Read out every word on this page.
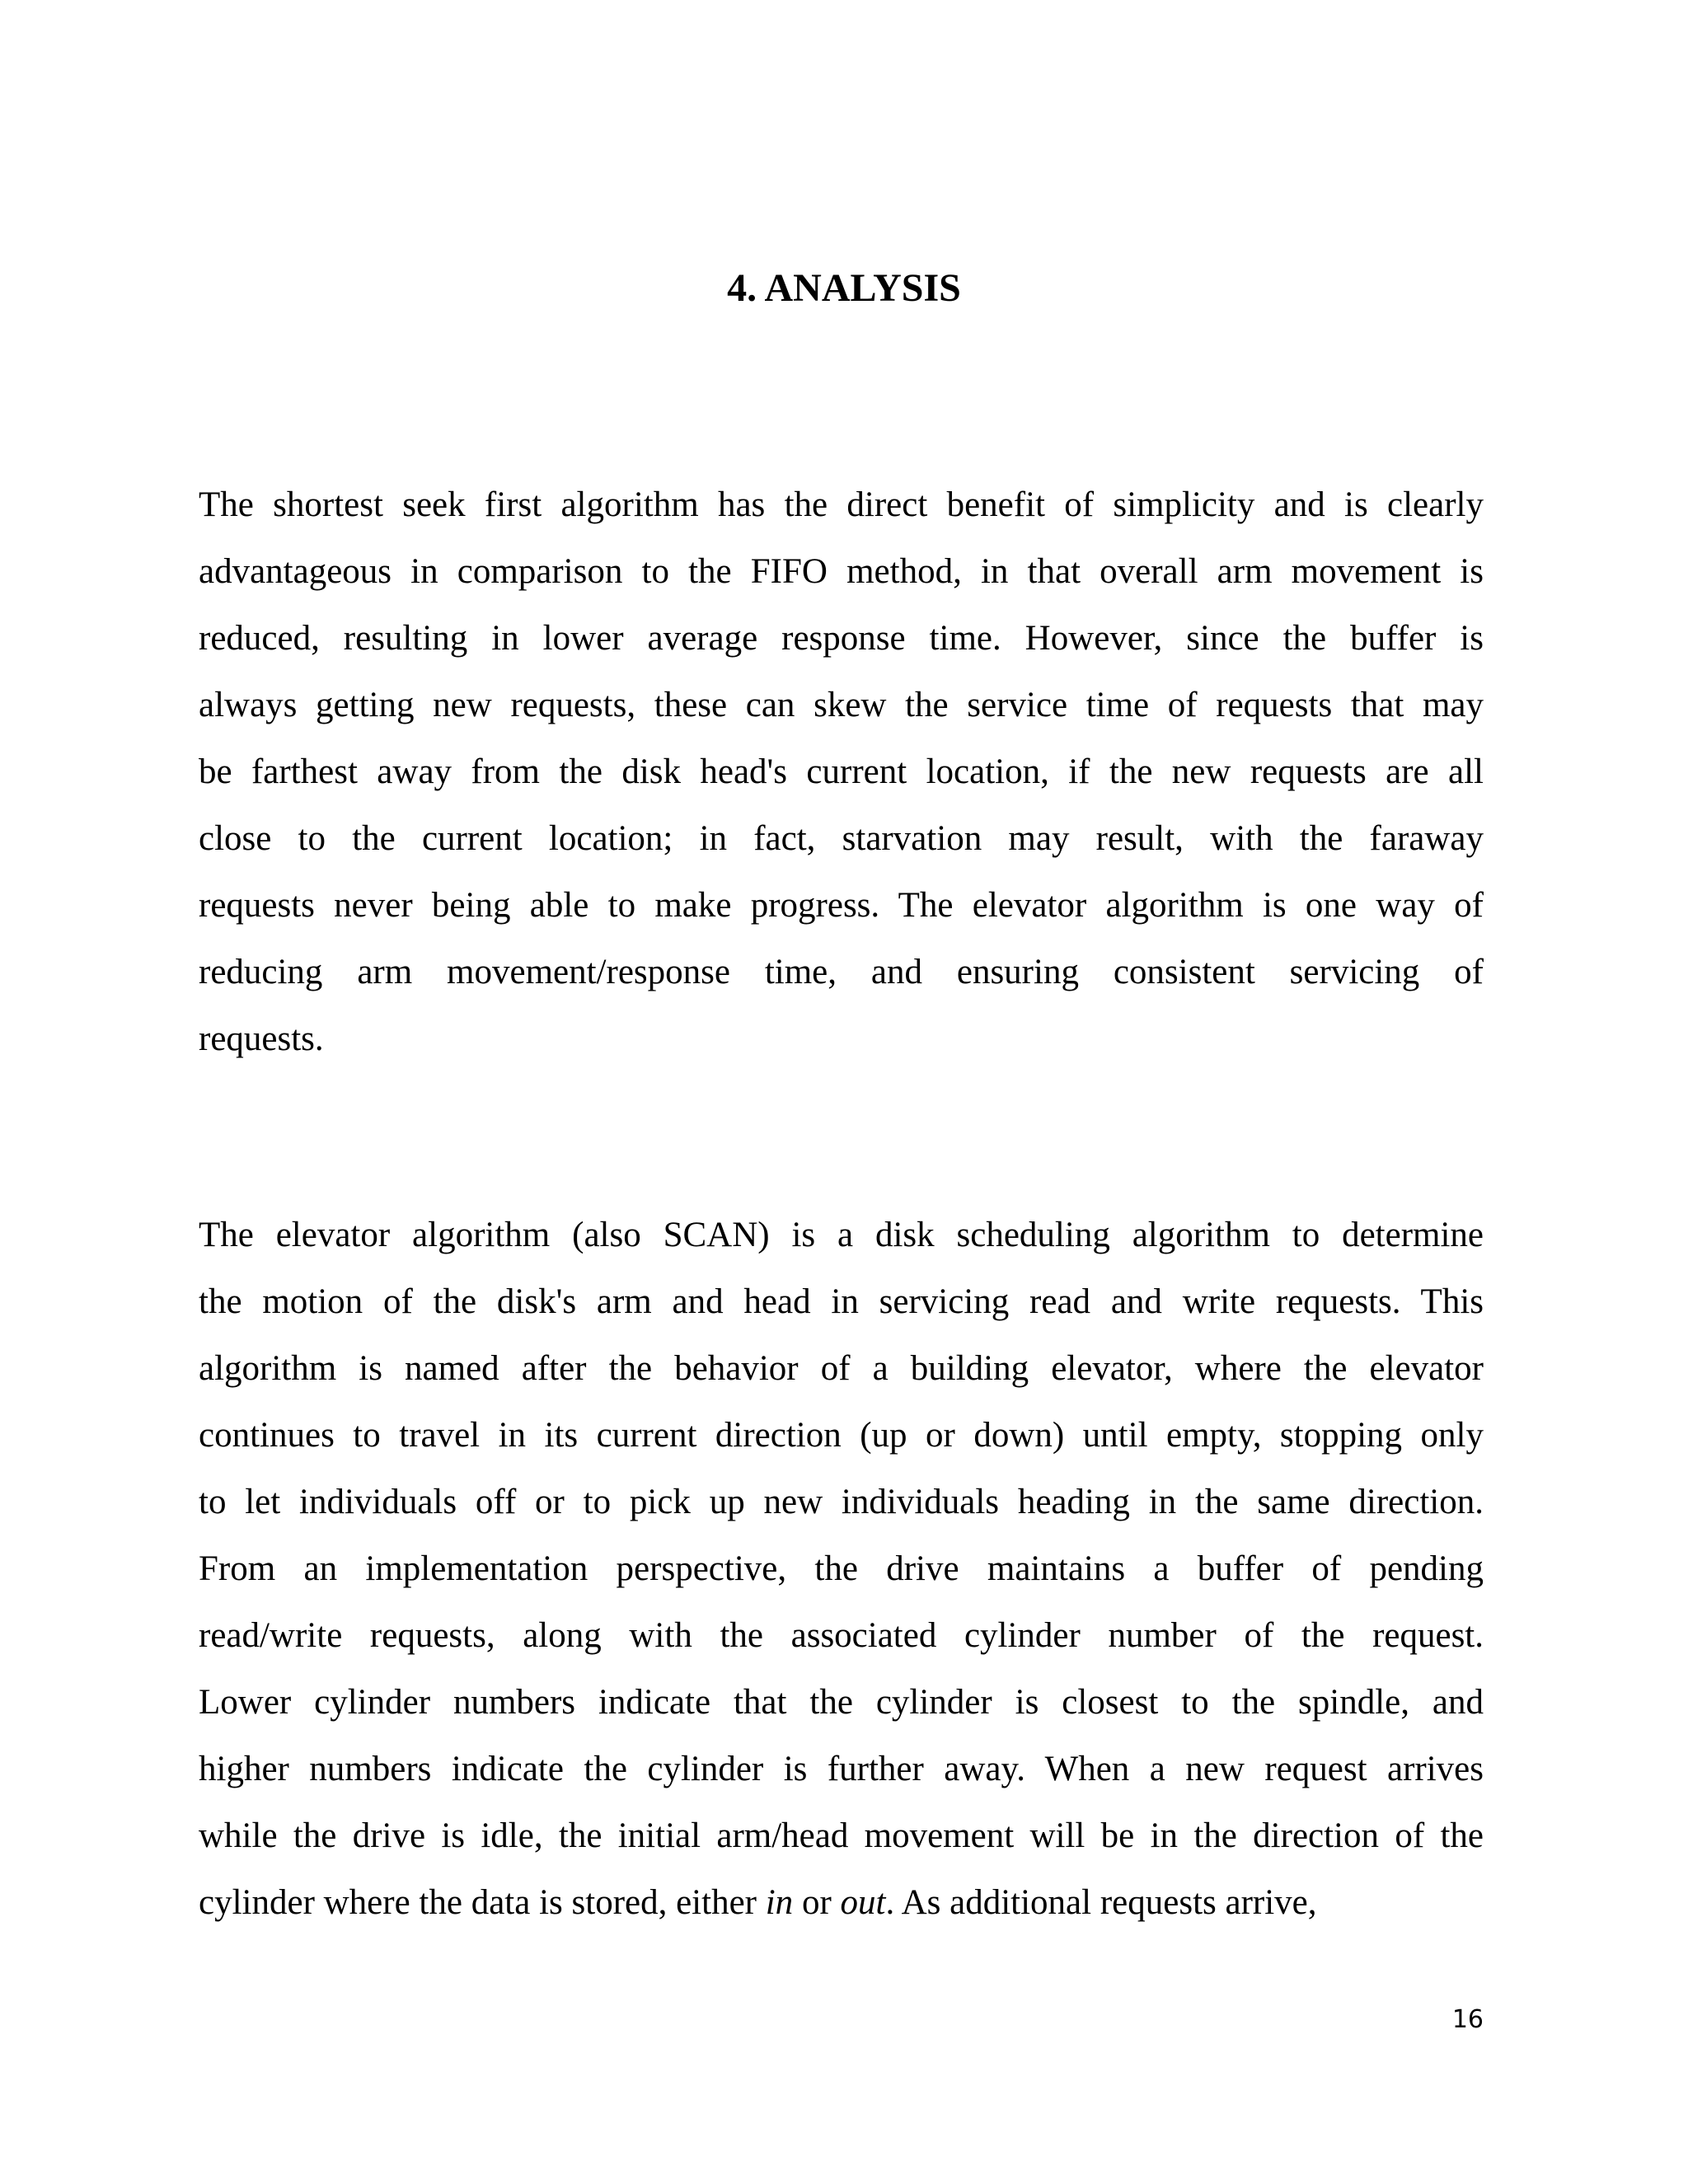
4. ANALYSIS
The shortest seek first algorithm has the direct benefit of simplicity and is clearly
advantageous in comparison to the FIFO method, in that overall arm movement is
reduced, resulting in lower average response time. However, since the buffer is
always getting new requests, these can skew the service time of requests that may
be farthest away from the disk head's current location, if the new requests are all
close to the current location; in fact, starvation may result, with the faraway
requests never being able to make progress. The elevator algorithm is one way of
reducing arm movement/response time, and ensuring consistent servicing of
requests.
The elevator algorithm (also SCAN) is a disk scheduling algorithm to determine
the motion of the disk's arm and head in servicing read and write requests. This
algorithm is named after the behavior of a building elevator, where the elevator
continues to travel in its current direction (up or down) until empty, stopping only
to let individuals off or to pick up new individuals heading in the same direction.
From an implementation perspective, the drive maintains a buffer of pending
read/write requests, along with the associated cylinder number of the request.
Lower cylinder numbers indicate that the cylinder is closest to the spindle, and
higher numbers indicate the cylinder is further away. When a new request arrives
while the drive is idle, the initial arm/head movement will be in the direction of the
cylinder where the data is stored, either in or out. As additional requests arrive,
16
